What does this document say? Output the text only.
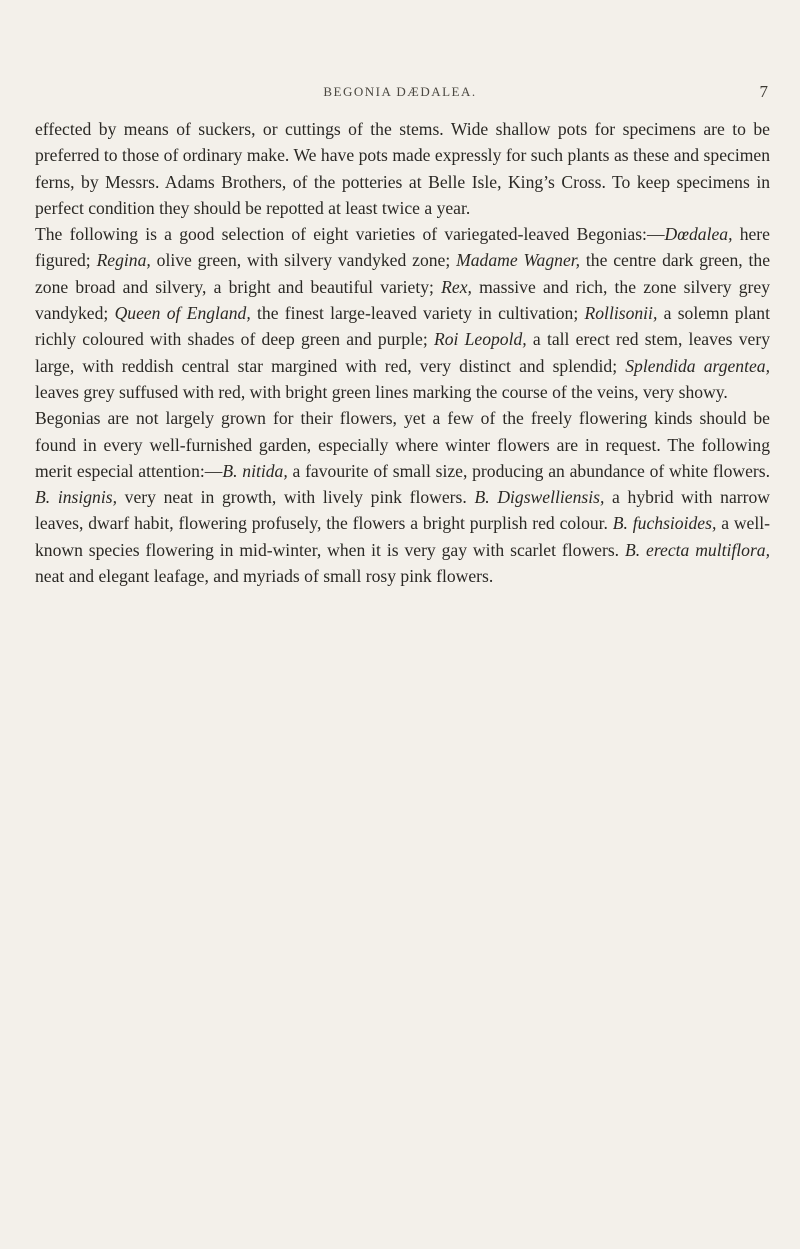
BEGONIA DÆDALEA.	7

effected by means of suckers, or cuttings of the stems. Wide shallow pots for specimens are to be preferred to those of ordinary make. We have pots made expressly for such plants as these and specimen ferns, by Messrs. Adams Brothers, of the potteries at Belle Isle, King’s Cross. To keep specimens in perfect condition they should be repotted at least twice a year.

The following is a good selection of eight varieties of variegated-leaved Begonias:—Dœdalea, here figured; Regina, olive green, with silvery vandyked zone; Madame Wagner, the centre dark green, the zone broad and silvery, a bright and beautiful variety; Rex, massive and rich, the zone silvery grey vandyked; Queen of England, the finest large-leaved variety in cultivation; Rollisonii, a solemn plant richly coloured with shades of deep green and purple; Roi Leopold, a tall erect red stem, leaves very large, with reddish central star margined with red, very distinct and splendid; Splendida argentea, leaves grey suffused with red, with bright green lines marking the course of the veins, very showy.

Begonias are not largely grown for their flowers, yet a few of the freely flowering kinds should be found in every well-furnished garden, especially where winter flowers are in request. The following merit especial attention:—B. nitida, a favourite of small size, producing an abundance of white flowers. B. insignis, very neat in growth, with lively pink flowers. B. Digswelliensis, a hybrid with narrow leaves, dwarf habit, flowering profusely, the flowers a bright purplish red colour. B. fuchsioides, a well-known species flowering in mid-winter, when it is very gay with scarlet flowers. B. erecta multiflora, neat and elegant leafage, and myriads of small rosy pink flowers.
